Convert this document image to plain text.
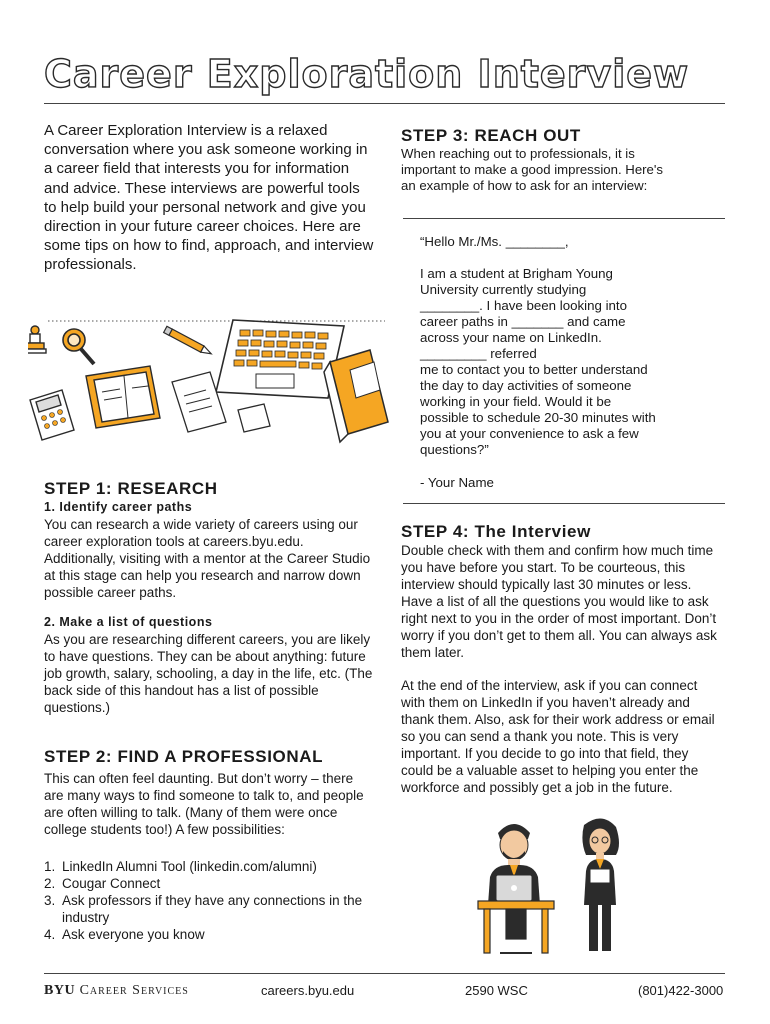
Career Exploration Interview
A Career Exploration Interview is a relaxed conversation where you ask someone working in a career field that interests you for information and advice. These interviews are powerful tools to help build your personal network and give you direction in your future career choices. Here are some tips on how to find, approach, and interview professionals.
STEP 1: RESEARCH
1. Identify career paths
You can research a wide variety of careers using our career exploration tools at careers.byu.edu. Additionally, visiting with a mentor at the Career Studio at this stage can help you research and narrow down possible career paths.
2. Make a list of questions
As you are researching different careers, you are likely to have questions. They can be about anything: future job growth, salary, schooling, a day in the life, etc. (The back side of this handout has a list of possible questions.)
STEP 2: FIND A PROFESSIONAL
This can often feel daunting. But don’t worry – there are many ways to find someone to talk to, and people are often willing to talk. (Many of them were once college students too!) A few possibilities:
1. LinkedIn Alumni Tool (linkedin.com/alumni)
2. Cougar Connect
3. Ask professors if they have any connections in the industry
4. Ask everyone you know
STEP 3: REACH OUT
When reaching out to professionals, it is important to make a good impression. Here's an example of how to ask for an interview:
“Hello Mr./Ms. ________,
I am a student at Brigham Young
University currently studying
________. I have been looking into
career paths in _______ and came
across your name on LinkedIn.
_________ referred
me to contact you to better understand
the day to day activities of someone
working in your field. Would it be
possible to schedule 20-30 minutes with
you at your convenience to ask a few
questions?”
- Your Name
STEP 4: The Interview
Double check with them and confirm how much time you have before you start. To be courteous, this interview should typically last 30 minutes or less. Have a list of all the questions you would like to ask right next to you in the order of most important. Don’t worry if you don’t get to them all. You can always ask them later.
At the end of the interview, ask if you can connect with them on LinkedIn if you haven’t already and thank them. Also, ask for their work address or email so you can send a thank you note. This is very important. If you decide to go into that field, they could be a valuable asset to helping you enter the workforce and possibly get a job in the future.
BYU Career Services	careers.byu.edu	2590 WSC	(801)422-3000
